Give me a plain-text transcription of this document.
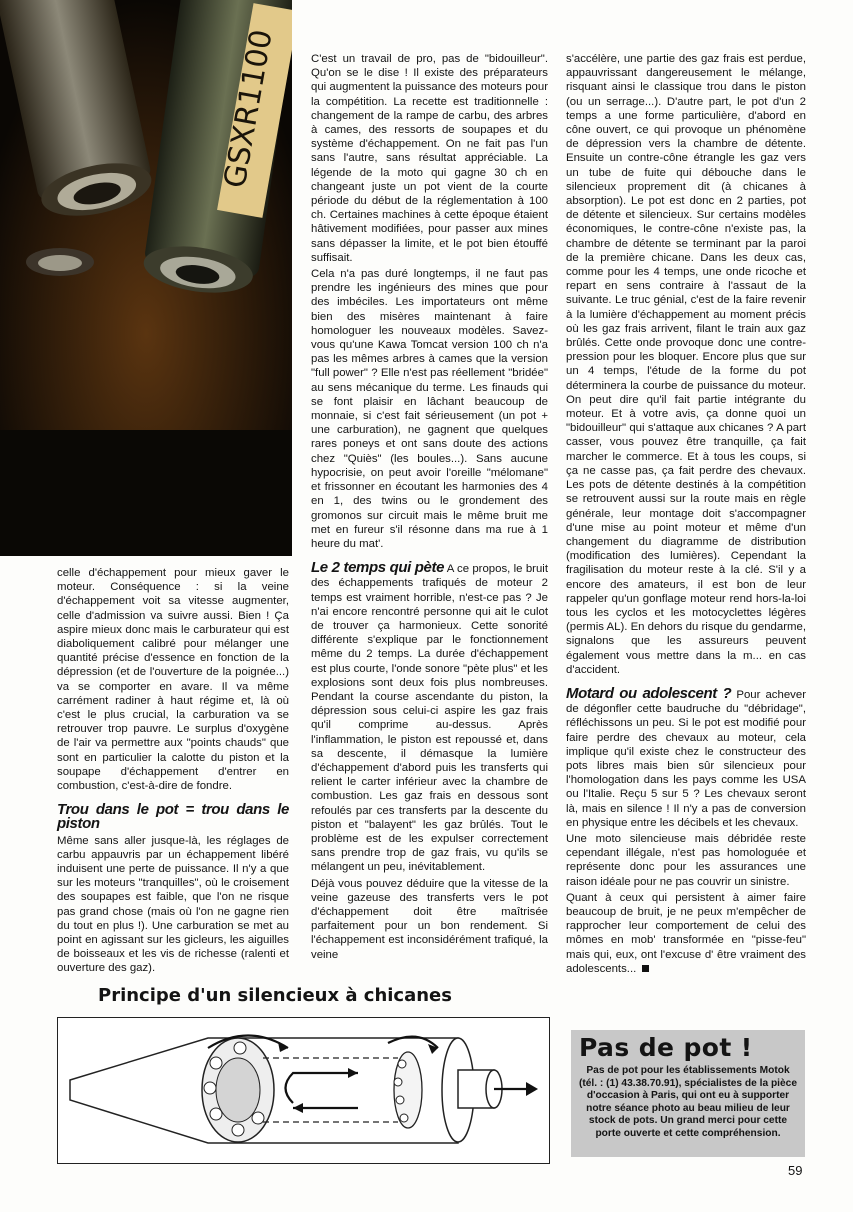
GSXR1100

celle d'échappement pour mieux gaver le moteur. Conséquence : si la veine d'échappement voit sa vitesse augmenter, celle d'admission va suivre aussi. Bien ! Ça aspire mieux donc mais le carburateur qui est diaboliquement calibré pour mélanger une quantité précise d'essence en fonction de la dépression (et de l'ouverture de la poignée...) va se comporter en avare. Il va même carrément radiner à haut régime et, là où c'est le plus crucial, la carburation va se retrouver trop pauvre. Le surplus d'oxygène de l'air va permettre aux "points chauds" que sont en particulier la calotte du piston et la soupape d'échappement d'entrer en combustion, c'est-à-dire de fondre.

Trou dans le pot = trou dans le piston

Même sans aller jusque-là, les réglages de carbu appauvris par un échappement libéré induisent une perte de puissance. Il n'y a que sur les moteurs "tranquilles", où le croisement des soupapes est faible, que l'on ne risque pas grand chose (mais où l'on ne gagne rien du tout en plus !). Une carburation se met au point en agissant sur les gicleurs, les aiguilles de boisseaux et les vis de richesse (ralenti et ouverture des gaz).

C'est un travail de pro, pas de "bidouilleur". Qu'on se le dise ! Il existe des préparateurs qui augmentent la puissance des moteurs pour la compétition. La recette est traditionnelle : changement de la rampe de carbu, des arbres à cames, des ressorts de soupapes et du système d'échappement. On ne fait pas l'un sans l'autre, sans résultat appréciable. La légende de la moto qui gagne 30 ch en changeant juste un pot vient de la courte période du début de la réglementation à 100 ch. Certaines machines à cette époque étaient hâtivement modifiées, pour passer aux mines sans dépasser la limite, et le pot bien étouffé suffisait.

Cela n'a pas duré longtemps, il ne faut pas prendre les ingénieurs des mines que pour des imbéciles. Les importateurs ont même bien des misères maintenant à faire homologuer les nouveaux modèles. Savez-vous qu'une Kawa Tomcat version 100 ch n'a pas les mêmes arbres à cames que la version "full power" ? Elle n'est pas réellement "bridée" au sens mécanique du terme. Les finauds qui se font plaisir en lâchant beaucoup de monnaie, si c'est fait sérieusement (un pot + une carburation), ne gagnent que quelques rares poneys et ont sans doute des actions chez "Quiès" (les boules...). Sans aucune hypocrisie, on peut avoir l'oreille "mélomane" et frissonner en écoutant les harmonies des 4 en 1, des twins ou le grondement des gromonos sur circuit mais le même bruit me met en fureur s'il résonne dans ma rue à 1 heure du mat'.

Le 2 temps qui pète A ce propos, le bruit des échappements trafiqués de moteur 2 temps est vraiment horrible, n'est-ce pas ? Je n'ai encore rencontré personne qui ait le culot de trouver ça harmonieux. Cette sonorité différente s'explique par le fonctionnement même du 2 temps. La durée d'échappement est plus courte, l'onde sonore "pète plus" et les explosions sont deux fois plus nombreuses. Pendant la course ascendante du piston, la dépression sous celui-ci aspire les gaz frais qu'il comprime au-dessus. Après l'inflammation, le piston est repoussé et, dans sa descente, il démasque la lumière d'échappement d'abord puis les transferts qui relient le carter inférieur avec la chambre de combustion. Les gaz frais en dessous sont refoulés par ces transferts par la descente du piston et "balayent" les gaz brûlés. Tout le problème est de les expulser correctement sans prendre trop de gaz frais, vu qu'ils se mélangent un peu, inévitablement.

Déjà vous pouvez déduire que la vitesse de la veine gazeuse des transferts vers le pot d'échappement doit être maîtrisée parfaitement pour un bon rendement. Si l'échappement est inconsidérément trafiqué, la veine

s'accélère, une partie des gaz frais est perdue, appauvrissant dangereusement le mélange, risquant ainsi le classique trou dans le piston (ou un serrage...). D'autre part, le pot d'un 2 temps a une forme particulière, d'abord en cône ouvert, ce qui provoque un phénomène de dépression vers la chambre de détente. Ensuite un contre-cône étrangle les gaz vers un tube de fuite qui débouche dans le silencieux proprement dit (à chicanes à absorption). Le pot est donc en 2 parties, pot de détente et silencieux. Sur certains modèles économiques, le contre-cône n'existe pas, la chambre de détente se terminant par la paroi de la première chicane. Dans les deux cas, comme pour les 4 temps, une onde ricoche et repart en sens contraire à l'assaut de la suivante. Le truc génial, c'est de la faire revenir à la lumière d'échappement au moment précis où les gaz frais arrivent, filant le train aux gaz brûlés. Cette onde provoque donc une contre-pression pour les bloquer. Encore plus que sur un 4 temps, l'étude de la forme du pot déterminera la courbe de puissance du moteur. On peut dire qu'il fait partie intégrante du moteur. Et à votre avis, ça donne quoi un "bidouilleur" qui s'attaque aux chicanes ? A part casser, vous pouvez être tranquille, ça fait marcher le commerce. Et à tous les coups, si ça ne casse pas, ça fait perdre des chevaux. Les pots de détente destinés à la compétition se retrouvent aussi sur la route mais en règle générale, leur montage doit s'accompagner d'une mise au point moteur et même d'un changement du diagramme de distribution (modification des lumières). Cependant la fragilisation du moteur reste à la clé. S'il y a encore des amateurs, il est bon de leur rappeler qu'un gonflage moteur rend hors-la-loi tous les cyclos et les motocyclettes légères (permis AL). En dehors du risque du gendarme, signalons que les assureurs peuvent également vous mettre dans la m... en cas d'accident.

Motard ou adolescent ? Pour achever de dégonfler cette baudruche du "débridage", réfléchissons un peu. Si le pot est modifié pour faire perdre des chevaux au moteur, cela implique qu'il existe chez le constructeur des pots libres mais bien sûr silencieux pour l'homologation dans les pays comme les USA ou l'Italie. Reçu 5 sur 5 ? Les chevaux seront là, mais en silence ! Il n'y a pas de conversion en physique entre les décibels et les chevaux.

Une moto silencieuse mais débridée reste cependant illégale, n'est pas homologuée et représente donc pour les assurances une raison idéale pour ne pas couvrir un sinistre.

Quant à ceux qui persistent à aimer faire beaucoup de bruit, je ne peux m'empêcher de rapprocher leur comportement de celui des mômes en mob' transformée en "pisse-feu" mais qui, eux, ont l'excuse d' être vraiment des adolescents...

Principe d'un silencieux à chicanes
Pas de pot !
Pas de pot pour les établissements Motok (tél. : (1) 43.38.70.91), spécialistes de la pièce d'occasion à Paris, qui ont eu à supporter notre séance photo au beau milieu de leur stock de pots. Un grand merci pour cette porte ouverte et cette compréhension.
59
